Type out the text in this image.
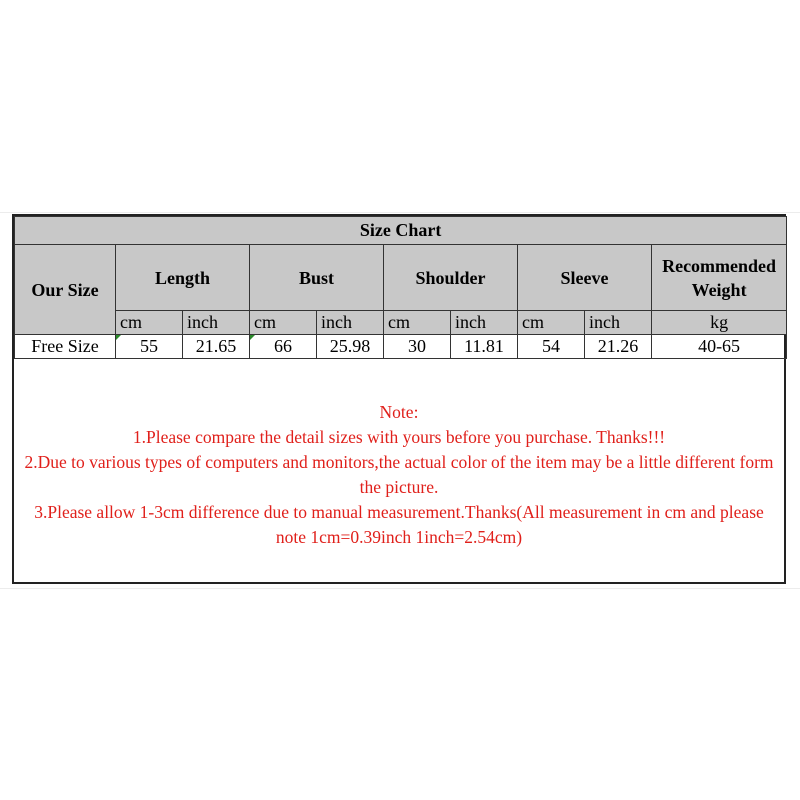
Size Chart									
Our Size	Length		Bust		Shoulder		Sleeve		Recommended Weight
	cm	inch	cm	inch	cm	inch	cm	inch	kg
Free Size	55	21.65	66	25.98	30	11.81	54	21.26	40-65
Note:
1.Please compare the detail sizes with yours before you purchase. Thanks!!!
2.Due to various types of computers and monitors,the actual color of the item may be a little different form the picture.
3.Please allow 1-3cm difference due to manual measurement.Thanks(All measurement in cm and please note 1cm=0.39inch 1inch=2.54cm)
